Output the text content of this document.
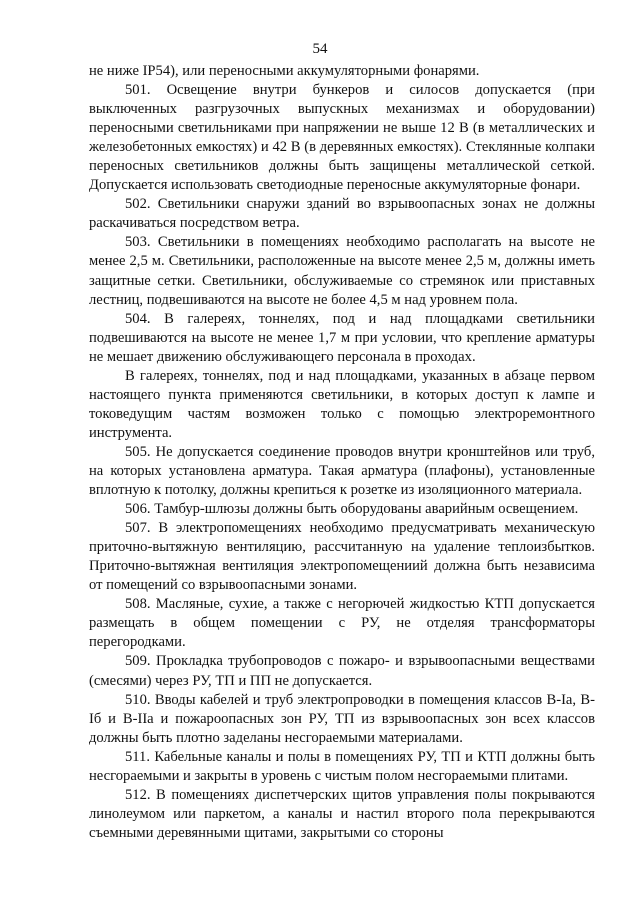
54

не ниже IP54), или переносными аккумуляторными фонарями.

501. Освещение внутри бункеров и силосов допускается (при выключенных разгрузочных выпускных механизмах и оборудовании) переносными светильниками при напряжении не выше 12 В (в металлических и железобетонных емкостях) и 42 В (в деревянных емкостях). Стеклянные колпаки переносных светильников должны быть защищены металлической сеткой. Допускается использовать светодиодные переносные аккумуляторные фонари.

502. Светильники снаружи зданий во взрывоопасных зонах не должны раскачиваться посредством ветра.

503. Светильники в помещениях необходимо располагать на высоте не менее 2,5 м. Светильники, расположенные на высоте менее 2,5 м, должны иметь защитные сетки. Светильники, обслуживаемые со стремянок или приставных лестниц, подвешиваются на высоте не более 4,5 м над уровнем пола.

504. В галереях, тоннелях, под и над площадками светильники подвешиваются на высоте не менее 1,7 м при условии, что крепление арматуры не мешает движению обслуживающего персонала в проходах.

В галереях, тоннелях, под и над площадками, указанных в абзаце первом настоящего пункта применяются светильники, в которых доступ к лампе и токоведущим частям возможен только с помощью электроремонтного инструмента.

505. Не допускается соединение проводов внутри кронштейнов или труб, на которых установлена арматура. Такая арматура (плафоны), установленные вплотную к потолку, должны крепиться к розетке из изоляционного материала.

506. Тамбур-шлюзы должны быть оборудованы аварийным освещением.

507. В электропомещениях необходимо предусматривать механическую приточно-вытяжную вентиляцию, рассчитанную на удаление теплоизбытков. Приточно-вытяжная вентиляция электропомещениий должна быть независима от помещений со взрывоопасными зонами.

508. Масляные, сухие, а также с негорючей жидкостью КТП допускается размещать в общем помещении с РУ, не отделяя трансформаторы перегородками.

509. Прокладка трубопроводов с пожаро- и взрывоопасными веществами (смесями) через РУ, ТП и ПП не допускается.

510. Вводы кабелей и труб электропроводки в помещения классов В-Iа, В-Iб и В-IIа и пожароопасных зон РУ, ТП из взрывоопасных зон всех классов должны быть плотно заделаны несгораемыми материалами.

511. Кабельные каналы и полы в помещениях РУ, ТП и КТП должны быть несгораемыми и закрыты в уровень с чистым полом несгораемыми плитами.

512. В помещениях диспетчерских щитов управления полы покрываются линолеумом или паркетом, а каналы и настил второго пола перекрываются съемными деревянными щитами, закрытыми со стороны
